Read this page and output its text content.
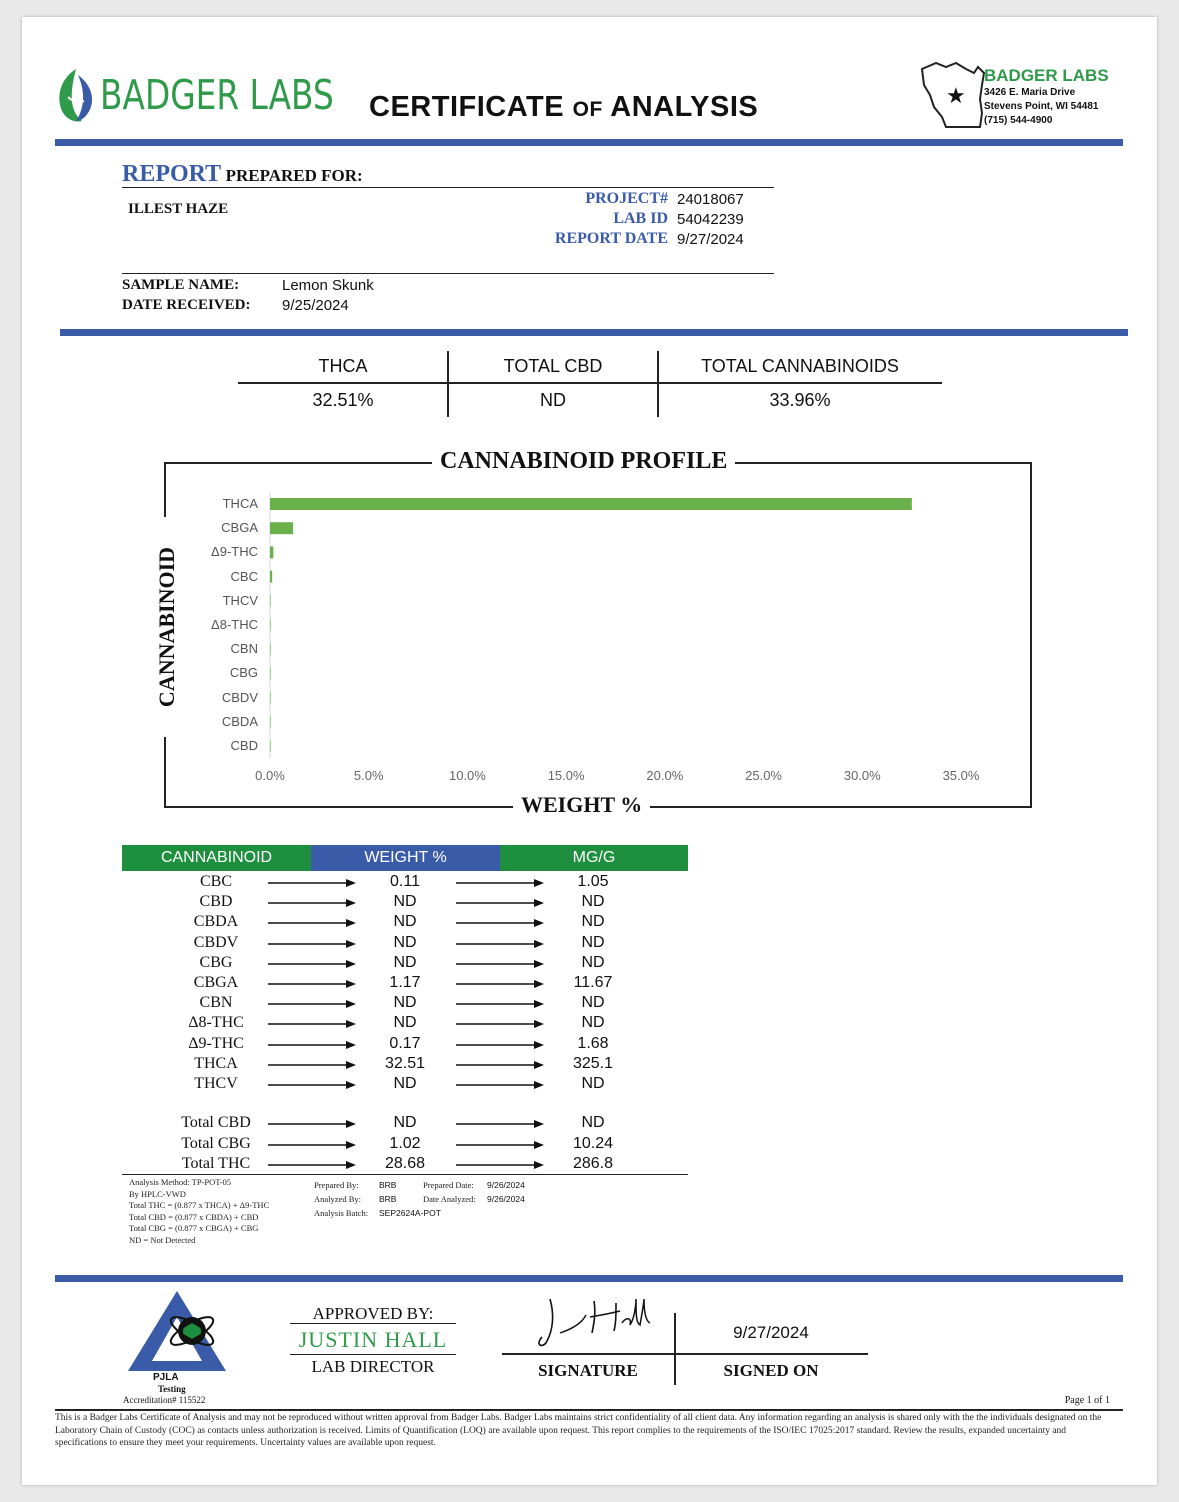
BADGER LABS CERTIFICATE OF ANALYSIS	★
BADGER LABS
3426 E. Maria Drive
Stevens Point, WI 54481
(715) 544-4900
REPORT PREPARED FOR:
ILLEST HAZE
PROJECT# 24018067
LAB ID 54042239
REPORT DATE 9/27/2024
SAMPLE NAME:	Lemon Skunk
DATE RECEIVED: 9/25/2024
THCA	TOTAL CBD	TOTAL CANNABINOIDS
32.51%	ND	33.96%
CANNABINOID PROFILE
WEIGHT %
CANNABINOID
THCA
CBGA
Δ9-THC
CBC
THCV
Δ8-THC
CBN
CBG
CBDV
CBDA
CBD
0.0%	5.0%	10.0%	15.0%	20.0%	25.0%	30.0%	35.0%
CANNABINOID	WEIGHT %	MG/G
CBC	0.11	1.05
CBD	ND	ND
CBDA	ND	ND
CBDV	ND	ND
CBG	ND	ND
CBGA	1.17	11.67
CBN	ND	ND
Δ8-THC	ND	ND
Δ9-THC	0.17	1.68
THCA	32.51	325.1
THCV	ND	ND
Total CBD	ND	ND
Total CBG	1.02	10.24
Total THC	28.68	286.8
Analysis Method: TP-POT-05
By HPLC-VWD
Total THC = (0.877 x THCA) + Δ9-THC
Total CBD = (0.877 x CBDA) + CBD
Total CBG = (0.877 x CBGA) + CBG
ND = Not Detected
Prepared By: BRB
Analyzed By: BRB
Analysis Batch: SEP2624A-POT
Prepared Date: 9/26/2024
Date Analyzed: 9/26/2024
PJLA
Testing
Accreditation# 115522
APPROVED BY:
JUSTIN HALL
LAB DIRECTOR
9/27/2024
SIGNATURE	SIGNED ON
Page 1 of 1
This is a Badger Labs Certificate of Analysis and may not be reproduced without written approval from Badger Labs. Badger Labs maintains strict confidentiality of all client data. Any information regarding an analysis is shared only with the the individuals designated on the Laboratory Chain of Custody (COC) as contacts unless authorization is received. Limits of Quantification (LOQ) are available upon request. This report complies to the requirements of the ISO/IEC 17025:2017 standard. Review the results, expanded uncertainty and specifications to ensure they meet your requirements. Uncertainty values are available upon request.
